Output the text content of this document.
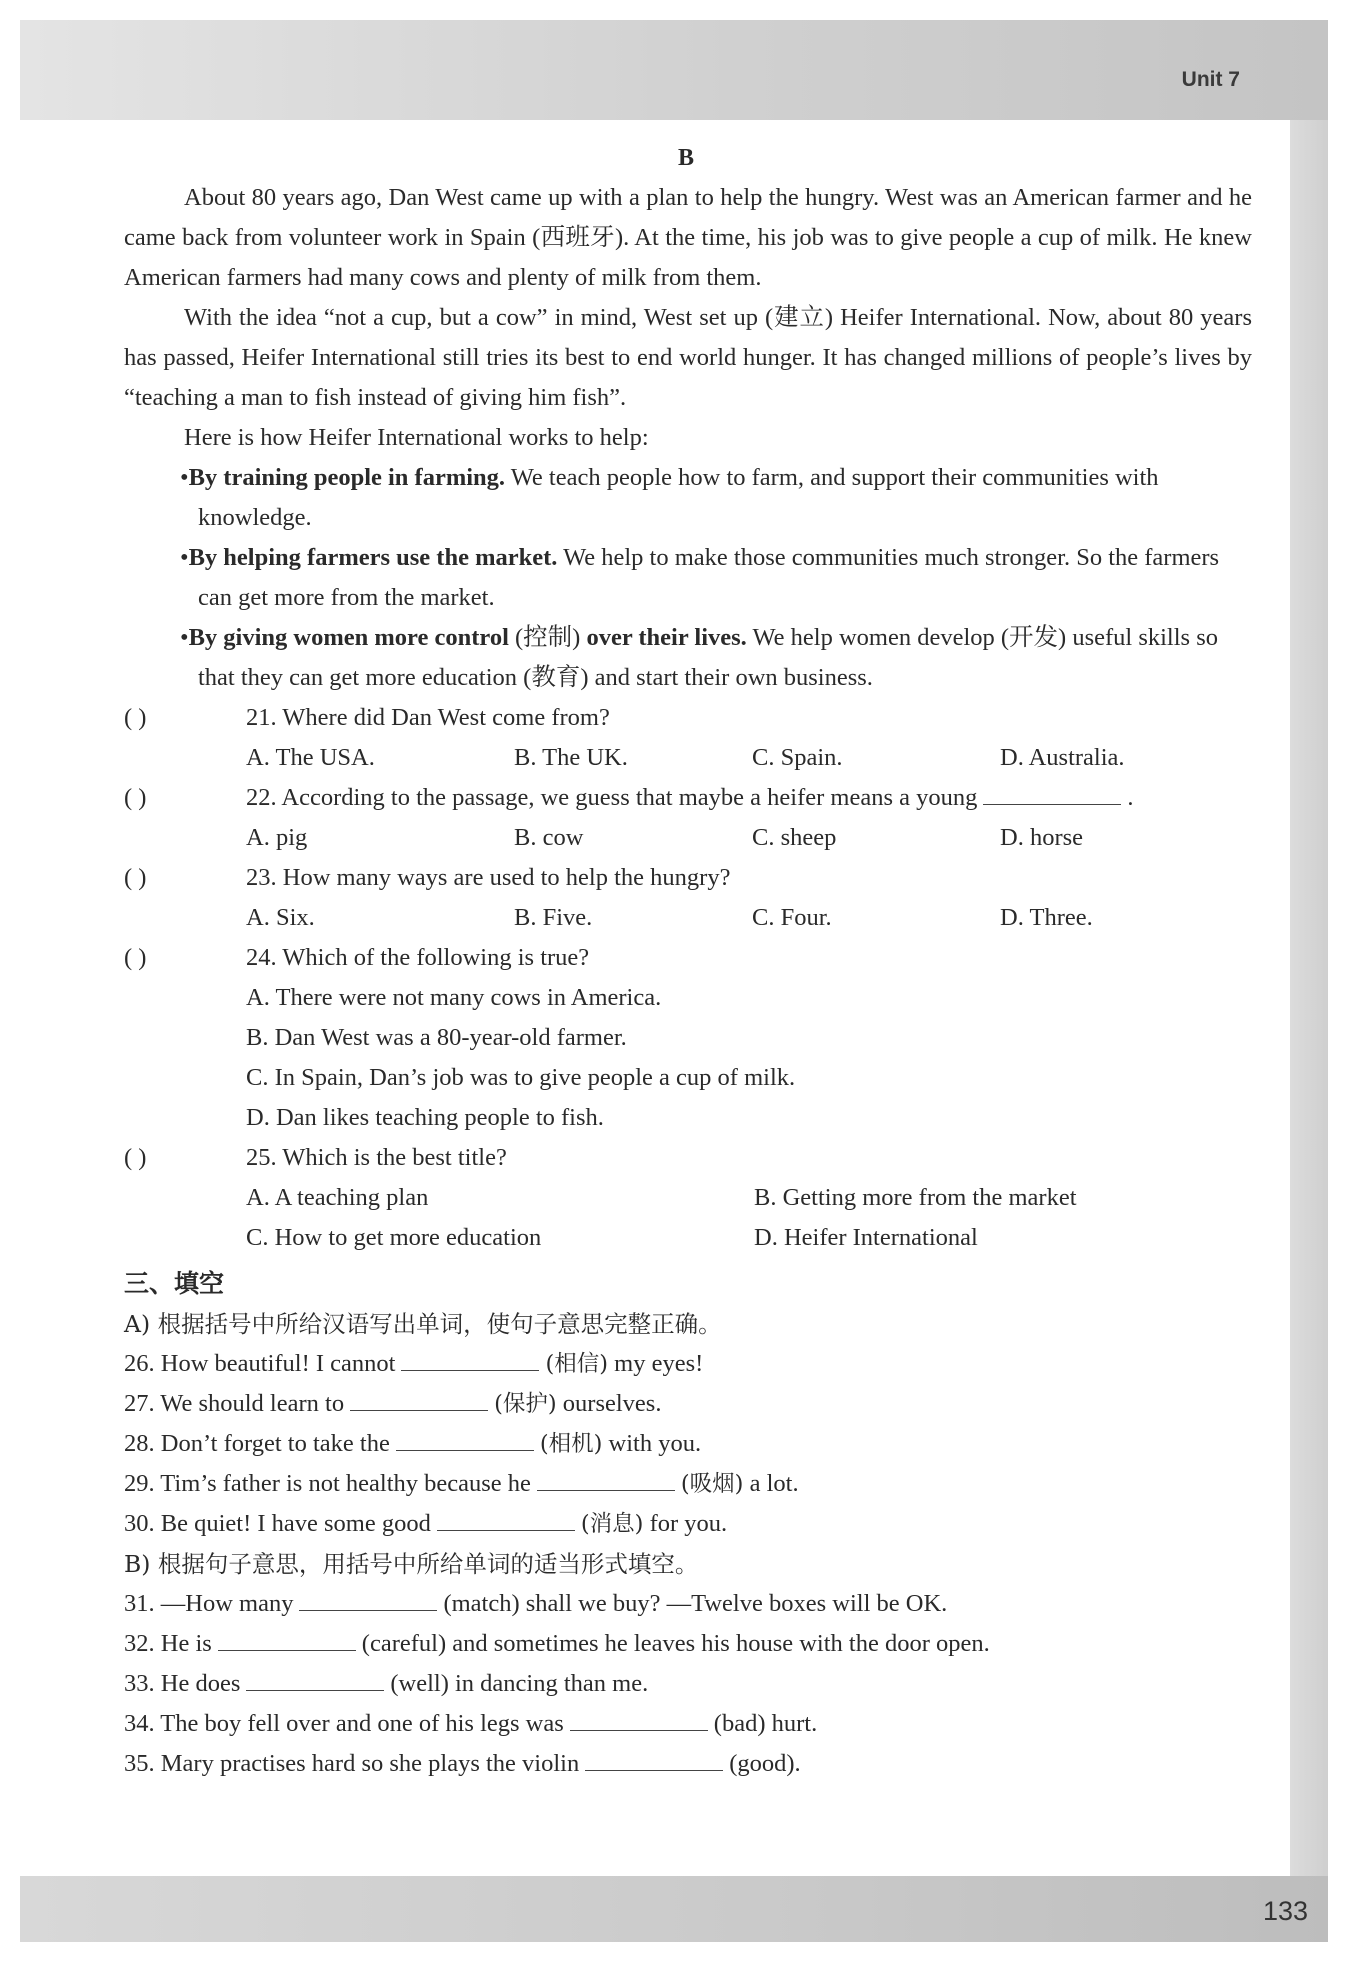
Unit 7
133
B

About 80 years ago, Dan West came up with a plan to help the hungry. West was an American farmer and he came back from volunteer work in Spain (西班牙). At the time, his job was to give people a cup of milk. He knew American farmers had many cows and plenty of milk from them.

With the idea “not a cup, but a cow” in mind, West set up (建立) Heifer International. Now, about 80 years has passed, Heifer International still tries its best to end world hunger. It has changed millions of people’s lives by “teaching a man to fish instead of giving him fish”.

Here is how Heifer International works to help:

•By training people in farming. We teach people how to farm, and support their communities with knowledge.

•By helping farmers use the market. We help to make those communities much stronger. So the farmers can get more from the market.

•By giving women more control (控制) over their lives. We help women develop (开发) useful skills so that they can get more education (教育) and start their own business.

( )	21. Where did Dan West come from?
A. The USA.	B. The UK.	C. Spain.	D. Australia.
( )	22. According to the passage, we guess that maybe a heifer means a young	.
A. pig	B. cow	C. sheep	D. horse
( )	23. How many ways are used to help the hungry?
A. Six.	B. Five.	C. Four.	D. Three.
( )	24. Which of the following is true?
A. There were not many cows in America.
B. Dan West was a 80-year-old farmer.
C. In Spain, Dan’s job was to give people a cup of milk.
D. Dan likes teaching people to fish.
( )	25. Which is the best title?
A. A teaching plan	B. Getting more from the market
C. How to get more education	D. Heifer International
三、填空
A) 根据括号中所给汉语写出单词，使句子意思完整正确。

26. How beautiful! I cannot	(相信) my eyes!

27. We should learn to	(保护) ourselves.

28. Don’t forget to take the	(相机) with you.

29. Tim’s father is not healthy because he	(吸烟) a lot.

30. Be quiet! I have some good	(消息) for you.

B) 根据句子意思，用括号中所给单词的适当形式填空。

31. —How many	(match) shall we buy? —Twelve boxes will be OK.

32. He is	(careful) and sometimes he leaves his house with the door open.

33. He does	(well) in dancing than me.

34. The boy fell over and one of his legs was	(bad) hurt.

35. Mary practises hard so she plays the violin	(good).
